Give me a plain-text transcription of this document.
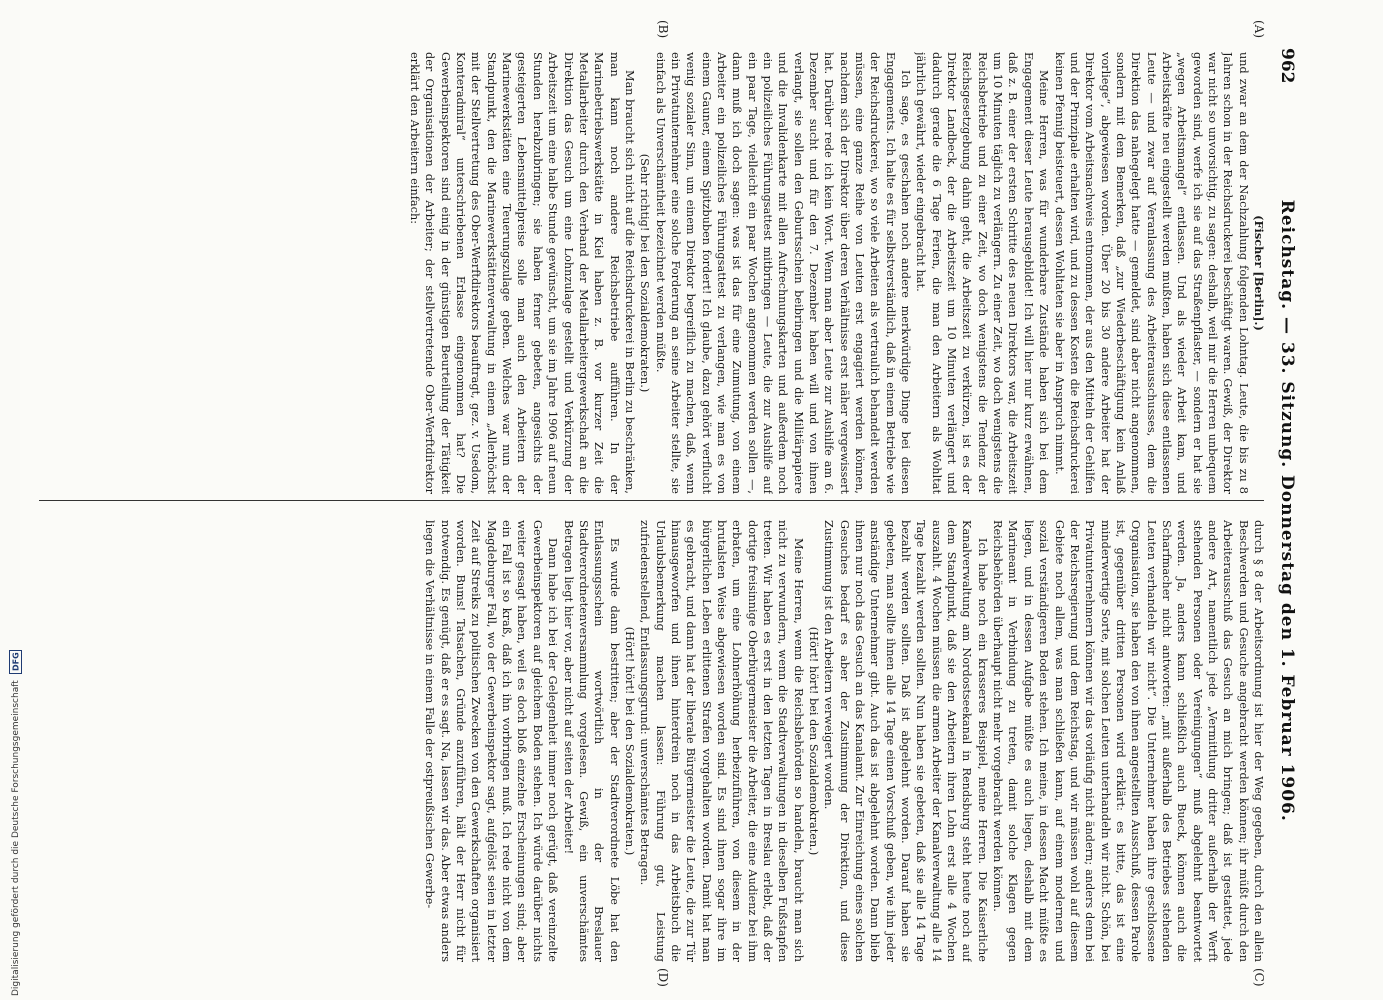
962
Reichstag. — 33. Sitzung. Donnerstag den 1. Februar 1906.
(A)
(B)
(C)
(D)

(Fischer [Berlin].)

und zwar an dem der Nachzahlung folgenden Lohntag. Leute, die bis zu 8 Jahren schon in der Reichsdruckerei beschäftigt waren. Gewiß, der Direktor war nicht so unvorsichtig, zu sagen: deshalb, weil mir die Herren unbequem geworden sind, werfe ich sie auf das Straßenpflaster, — sondern er hat sie „wegen Arbeitsmangel“ entlassen. Und als wieder Arbeit kam, und Arbeitskräfte neu eingestellt werden mußten, haben sich diese entlassenen Leute — und zwar auf Veranlassung des Arbeiterausschusses, dem die Direktion das nahegelegt hatte — gemeldet, sind aber nicht angenommen, sondern mit dem Bemerken, daß „zur Wiederbeschäftigung kein Anlaß vorliege“, abgewiesen worden. Über 20 bis 30 andere Arbeiter hat der Direktor vom Arbeitsnachweis entnommen, der aus den Mitteln der Gehilfen und der Prinzipale erhalten wird, und zu dessen Kosten die Reichsdruckerei keinen Pfennig beisteuert, dessen Wohltaten sie aber in Anspruch nimmt.

Meine Herren, was für wunderbare Zustände haben sich bei dem Engagement dieser Leute herausgebildet! Ich will hier nur kurz erwähnen, daß z. B. einer der ersten Schritte des neuen Direktors war, die Arbeitszeit um 10 Minuten täglich zu verlängern. Zu einer Zeit, wo doch wenigstens die Reichsbetriebe und zu einer Zeit, wo doch wenigstens die Tendenz der Reichsgesetzgebung dahin geht, die Arbeitszeit zu verkürzen, ist es der Direktor Landbeck, der die Arbeitszeit um 10 Minuten verlängert und dadurch gerade die 6 Tage Ferien, die man den Arbeitern als Wohltat jährlich gewährt, wieder eingebracht hat.

Ich sage, es geschahen noch andere merkwürdige Dinge bei diesen Engagements. Ich halte es für selbstverständlich, daß in einem Betriebe wie der Reichsdruckerei, wo so viele Arbeiten als vertraulich behandelt werden müssen, eine ganze Reihe von Leuten erst engagiert werden können, nachdem sich der Direktor über deren Verhältnisse erst näher vergewissert hat. Darüber rede ich kein Wort. Wenn man aber Leute zur Aushilfe am 6. Dezember sucht und für den 7. Dezember haben will und von ihnen verlangt, sie sollen den Geburtsschein beibringen und die Militärpapiere und die Invalidenkarte mit allen Aufrechnungskarten und außerdem noch ein polizeiliches Führungsattest mitbringen — Leute, die zur Aushilfe auf ein paar Tage, vielleicht ein paar Wochen angenommen werden sollen —, dann muß ich doch sagen: was ist das für eine Zumutung, von einem Arbeiter ein polizeiliches Führungsattest zu verlangen, wie man es von einem Gauner, einem Spitzbuben fordert! Ich glaube, dazu gehört verflucht wenig sozialer Sinn, um einem Direktor begreiflich zu machen, daß, wenn ein Privatunternehmer eine solche Forderung an seine Arbeiter stellte, sie einfach als Unverschämtheit bezeichnet werden müßte.

(Sehr richtig! bei den Sozialdemokraten.)

Man braucht sich nicht auf die Reichsdruckerei in Berlin zu beschränken, man kann noch andere Reichsbetriebe aufführen. In der Marinebetriebswerkstätte in Kiel haben z. B. vor kurzer Zeit die Metallarbeiter durch den Verband der Metallarbeitergewerkschaft an die Direktion das Gesuch um eine Lohnzulage gestellt und Verkürzung der Arbeitszeit um eine halbe Stunde gewünscht, um sie im Jahre 1906 auf neun Stunden herabzubringen; sie haben ferner gebeten, angesichts der gesteigerten Lebensmittelpreise solle man auch den Arbeitern der Marinewerkstätten eine Teuerungszulage geben. Welches war nun der Standpunkt, den die Marinewerkstättenverwaltung in einem „Allerhöchst mit der Stellvertretung des Ober-Werftdirektors beauftragt, gez. v. Usedom, Konteradmiral“ unterschriebenen Erlasse eingenommen hat? Die Gewerbeinspektoren sind einig in der günstigen Beurteilung der Tätigkeit der Organisationen der Arbeiter; der stellvertretende Ober-Werftdirektor erklärt den Arbeitern einfach:

durch § 8 der Arbeitsordnung ist hier der Weg gegeben, durch den allein Beschwerden und Gesuche angebracht werden können; ihr müßt durch den Arbeiterausschuß das Gesuch an mich bringen; daß ist gestattet, jede andere Art, namentlich jede „Vermittlung dritter außerhalb der Werft stehenden Personen oder Vereinigungen“ muß abgelehnt beantwortet werden. Ja, anders kann schließlich auch Bueck, können auch die Scharfmacher nicht antworten: „mit außerhalb des Betriebes stehenden Leuten verhandeln wir nicht“. Die Unternehmer haben ihre geschlossene Organisation, sie haben den von ihnen angestellten Ausschuß, dessen Parole ist, gegenüber dritten Personen wird erklärt: es bitte, das ist eine minderwertige Sorte, mit solchen Leuten unterhandeln wir nicht. Schön, bei Privatunternehmern können wir das vorläufig nicht ändern; anders denn bei der Reichsregierung und dem Reichstag, und wir müssen wohl auf diesem Gebiete noch allem, was man schließen kann, auf einem modernen und sozial verständigeren Boden stehen. Ich meine, in dessen Macht müßte es liegen, und in dessen Aufgabe müßte es auch liegen, deshalb mit dem Marineamt in Verbindung zu treten, damit solche Klagen gegen Reichsbehörden überhaupt nicht mehr vorgebracht werden können.

Ich habe noch ein krasseres Beispiel, meine Herren. Die Kaiserliche Kanalverwaltung am Nordostseekanal in Rendsburg steht heute noch auf dem Standpunkt, daß sie den Arbeitern ihren Lohn erst alle 4 Wochen auszahlt. 4 Wochen müssen die armen Arbeiter der Kanalverwaltung alle 14 Tage bezahlt werden sollten. Nun haben sie gebeten, daß sie alle 14 Tage bezahlt werden sollten. Daß ist abgelehnt worden. Darauf haben sie gebeten, man sollte ihnen alle 14 Tage einen Vorschuß geben, wie ihn jeder anständige Unternehmer gibt. Auch das ist abgelehnt worden. Dann blieb ihnen nur noch das Gesuch an das Kanalamt. Zur Einreichung eines solchen Gesuches bedarf es aber der Zustimmung der Direktion, und diese Zustimmung ist den Arbeitern verweigert worden.

(Hört! hört! bei den Sozialdemokraten.)

Meine Herren, wenn die Reichsbehörden so handeln, braucht man sich nicht zu verwundern, wenn die Stadtverwaltungen in dieselben Fußstapfen treten. Wir haben es erst in den letzten Tagen in Breslau erlebt, daß der dortige freisinnige Oberbürgermeister die Arbeiter, die eine Audienz bei ihm erbaten, um eine Lohnerhöhung herbeizuführen, von diesem in der brutalsten Weise abgewiesen worden sind. Es sind ihnen sogar ihre im bürgerlichen Leben erlittenen Strafen vorgehalten worden. Damit hat man es gebracht, und dann hat der liberale Bürgermeister die Leute, die zur Tür hinausgeworfen und ihnen hinterdrein noch in das Arbeitsbuch die Urlaubsbemerkung machen lassen: Führung gut, Leistung zufriedenstellend, Entlassungsgrund: unverschämtes Betragen.

(Hört! hört! bei den Sozialdemokraten.)

Es wurde dann bestritten; aber der Stadtverordnete Löbe hat den Entlassungsschein wortwörtlich in der Breslauer Stadtverordnetenversammlung vorgelesen. Gewiß, ein unverschämtes Betragen liegt hier vor, aber nicht auf seiten der Arbeiter!

Dann habe ich bei der Gelegenheit immer noch gerügt, daß vereinzelte Gewerbeinspektoren auf gleichem Boden stehen. Ich würde darüber nichts weiter gesagt haben, weil es doch bloß einzelne Erscheinungen sind; aber ein Fall ist so kraß, daß ich ihn vorbringen muß. Ich rede nicht von dem Magdeburger Fall, wo der Gewerbeinspektor sagt, aufgelöst seien in letzter Zeit auf Streiks zu politischen Zwecken von den Gewerkschaften organisiert worden. Bums! Tatsachen, Gründe anzuführen, hält der Herr nicht für notwendig. Es genügt, daß er es sagt. Na, lassen wir das. Aber etwas anders liegen die Verhältnisse in einem Falle der ostpreußischen Gewerbe-

Digitalisierung gefördert durch die Deutsche Forschungsgemeinschaft
DFG
